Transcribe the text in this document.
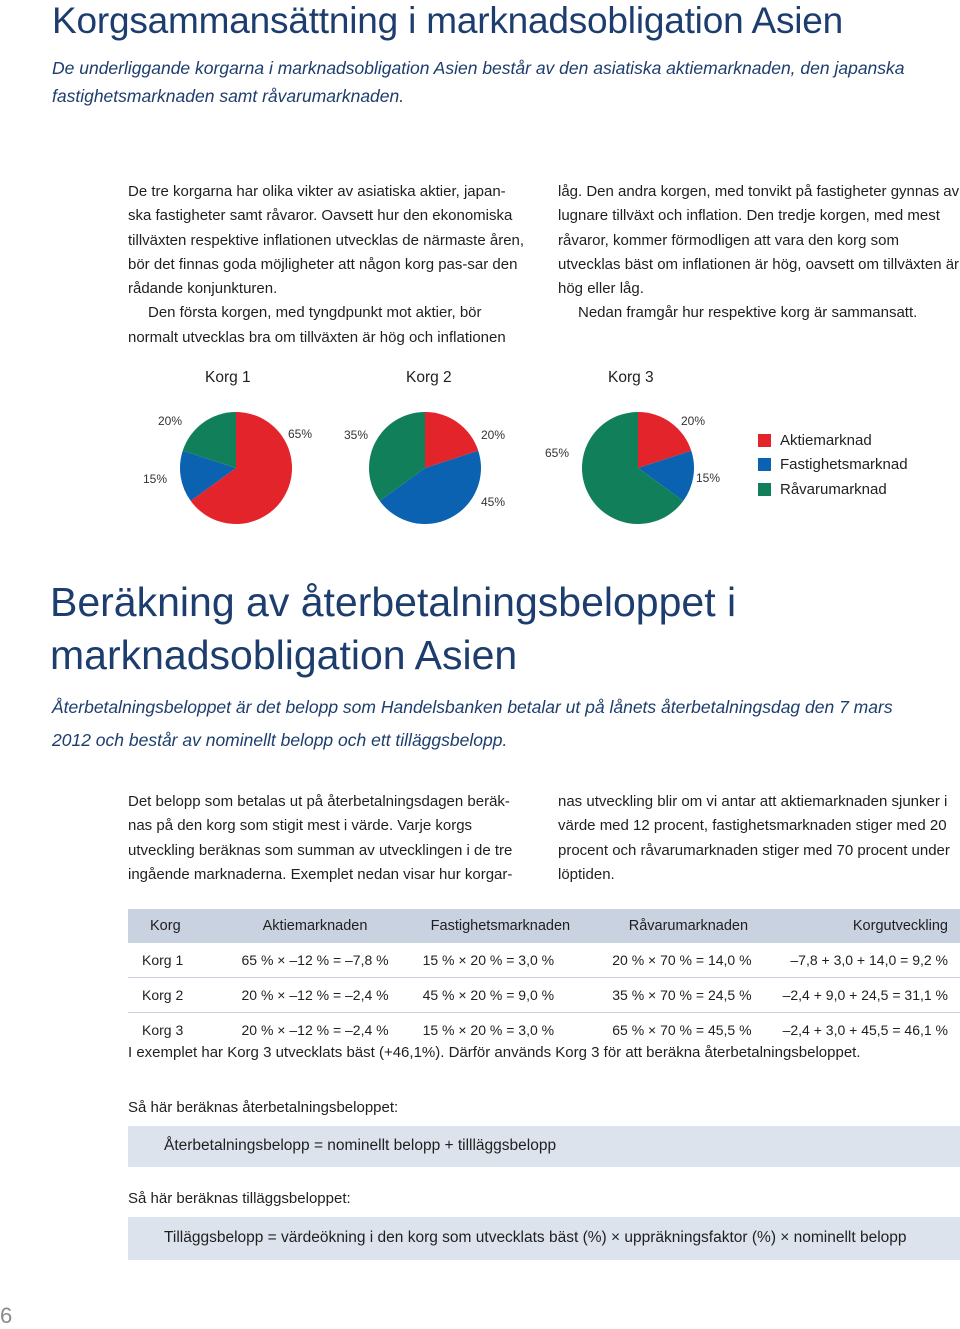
Korgsammansättning i marknadsobligation Asien
De underliggande korgarna i marknadsobligation Asien består av den asiatiska aktiemarknaden, den japanska
fastighetsmarknaden samt råvarumarknaden.

De tre korgarna har olika vikter av asiatiska aktier, japan-ska fastigheter samt råvaror. Oavsett hur den ekonomiska tillväxten respektive inflationen utvecklas de närmaste åren, bör det finnas goda möjligheter att någon korg pas-sar den rådande konjunkturen.

Den första korgen, med tyngdpunkt mot aktier, bör normalt utvecklas bra om tillväxten är hög och inflationen

låg. Den andra korgen, med tonvikt på fastigheter gynnas av lugnare tillväxt och inflation. Den tredje korgen, med mest råvaror, kommer förmodligen att vara den korg som utvecklas bäst om inflationen är hög, oavsett om tillväxten är hög eller låg.

Nedan framgår hur respektive korg är sammansatt.

Korg 1	Korg 2	Korg 3
20%
15%
65%	35%	20%
45%
65%
20%
15%
Aktiemarknad
Fastighetsmarknad
Råvarumarknad
Beräkning av återbetalningsbeloppet i
marknadsobligation Asien
Återbetalningsbeloppet är det belopp som Handelsbanken betalar ut på lånets återbetalningsdag den 7 mars
2012 och består av nominellt belopp och ett tilläggsbelopp.

Det belopp som betalas ut på återbetalningsdagen beräk-nas på den korg som stigit mest i värde. Varje korgs utveckling beräknas som summan av utvecklingen i de tre ingående marknaderna. Exemplet nedan visar hur korgar-

nas utveckling blir om vi antar att aktiemarknaden sjunker i värde med 12 procent, fastighetsmarknaden stiger med 20 procent och råvarumarknaden stiger med 70 procent under löptiden.

Korg	Aktiemarknaden	Fastighetsmarknaden	Råvarumarknaden	Korgutveckling
Korg 1	65 % × –12 % = –7,8 %	15 % × 20 % = 3,0 %	20 % × 70 % = 14,0 %	–7,8 + 3,0 + 14,0 = 9,2 %
Korg 2	20 % × –12 % = –2,4 %	45 % × 20 % = 9,0 %	35 % × 70 % = 24,5 %	–2,4 + 9,0 + 24,5 = 31,1 %
Korg 3	20 % × –12 % = –2,4 %	15 % × 20 % = 3,0 %	65 % × 70 % = 45,5 %	–2,4 + 3,0 + 45,5 = 46,1 %
I exemplet har Korg 3 utvecklats bäst (+46,1%). Därför används Korg 3 för att beräkna återbetalningsbeloppet.
Så här beräknas återbetalningsbeloppet:
Återbetalningsbelopp = nominellt belopp + tillläggsbelopp
Så här beräknas tilläggsbeloppet:
Tilläggsbelopp = värdeökning i den korg som utvecklats bäst (%) × uppräkningsfaktor (%) × nominellt belopp
6
